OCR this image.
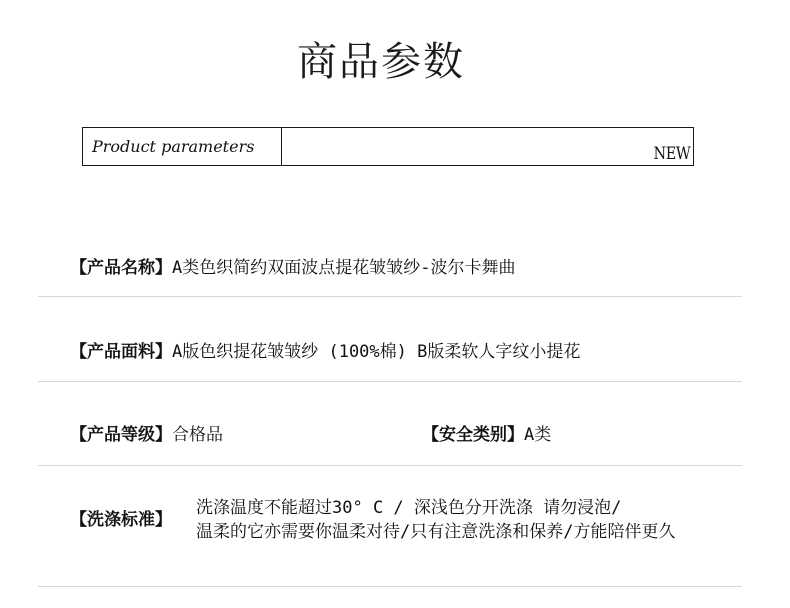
商品参数
Product parameters	NEW
【产品名称】A类色织简约双面波点提花皱皱纱-波尔卡舞曲
【产品面料】A版色织提花皱皱纱 (100%棉) B版柔软人字纹小提花
【产品等级】合格品	【安全类别】A类
【洗涤标准】
洗涤温度不能超过30° C / 深浅色分开洗涤 请勿浸泡/
温柔的它亦需要你温柔对待/只有注意洗涤和保养/方能陪伴更久
